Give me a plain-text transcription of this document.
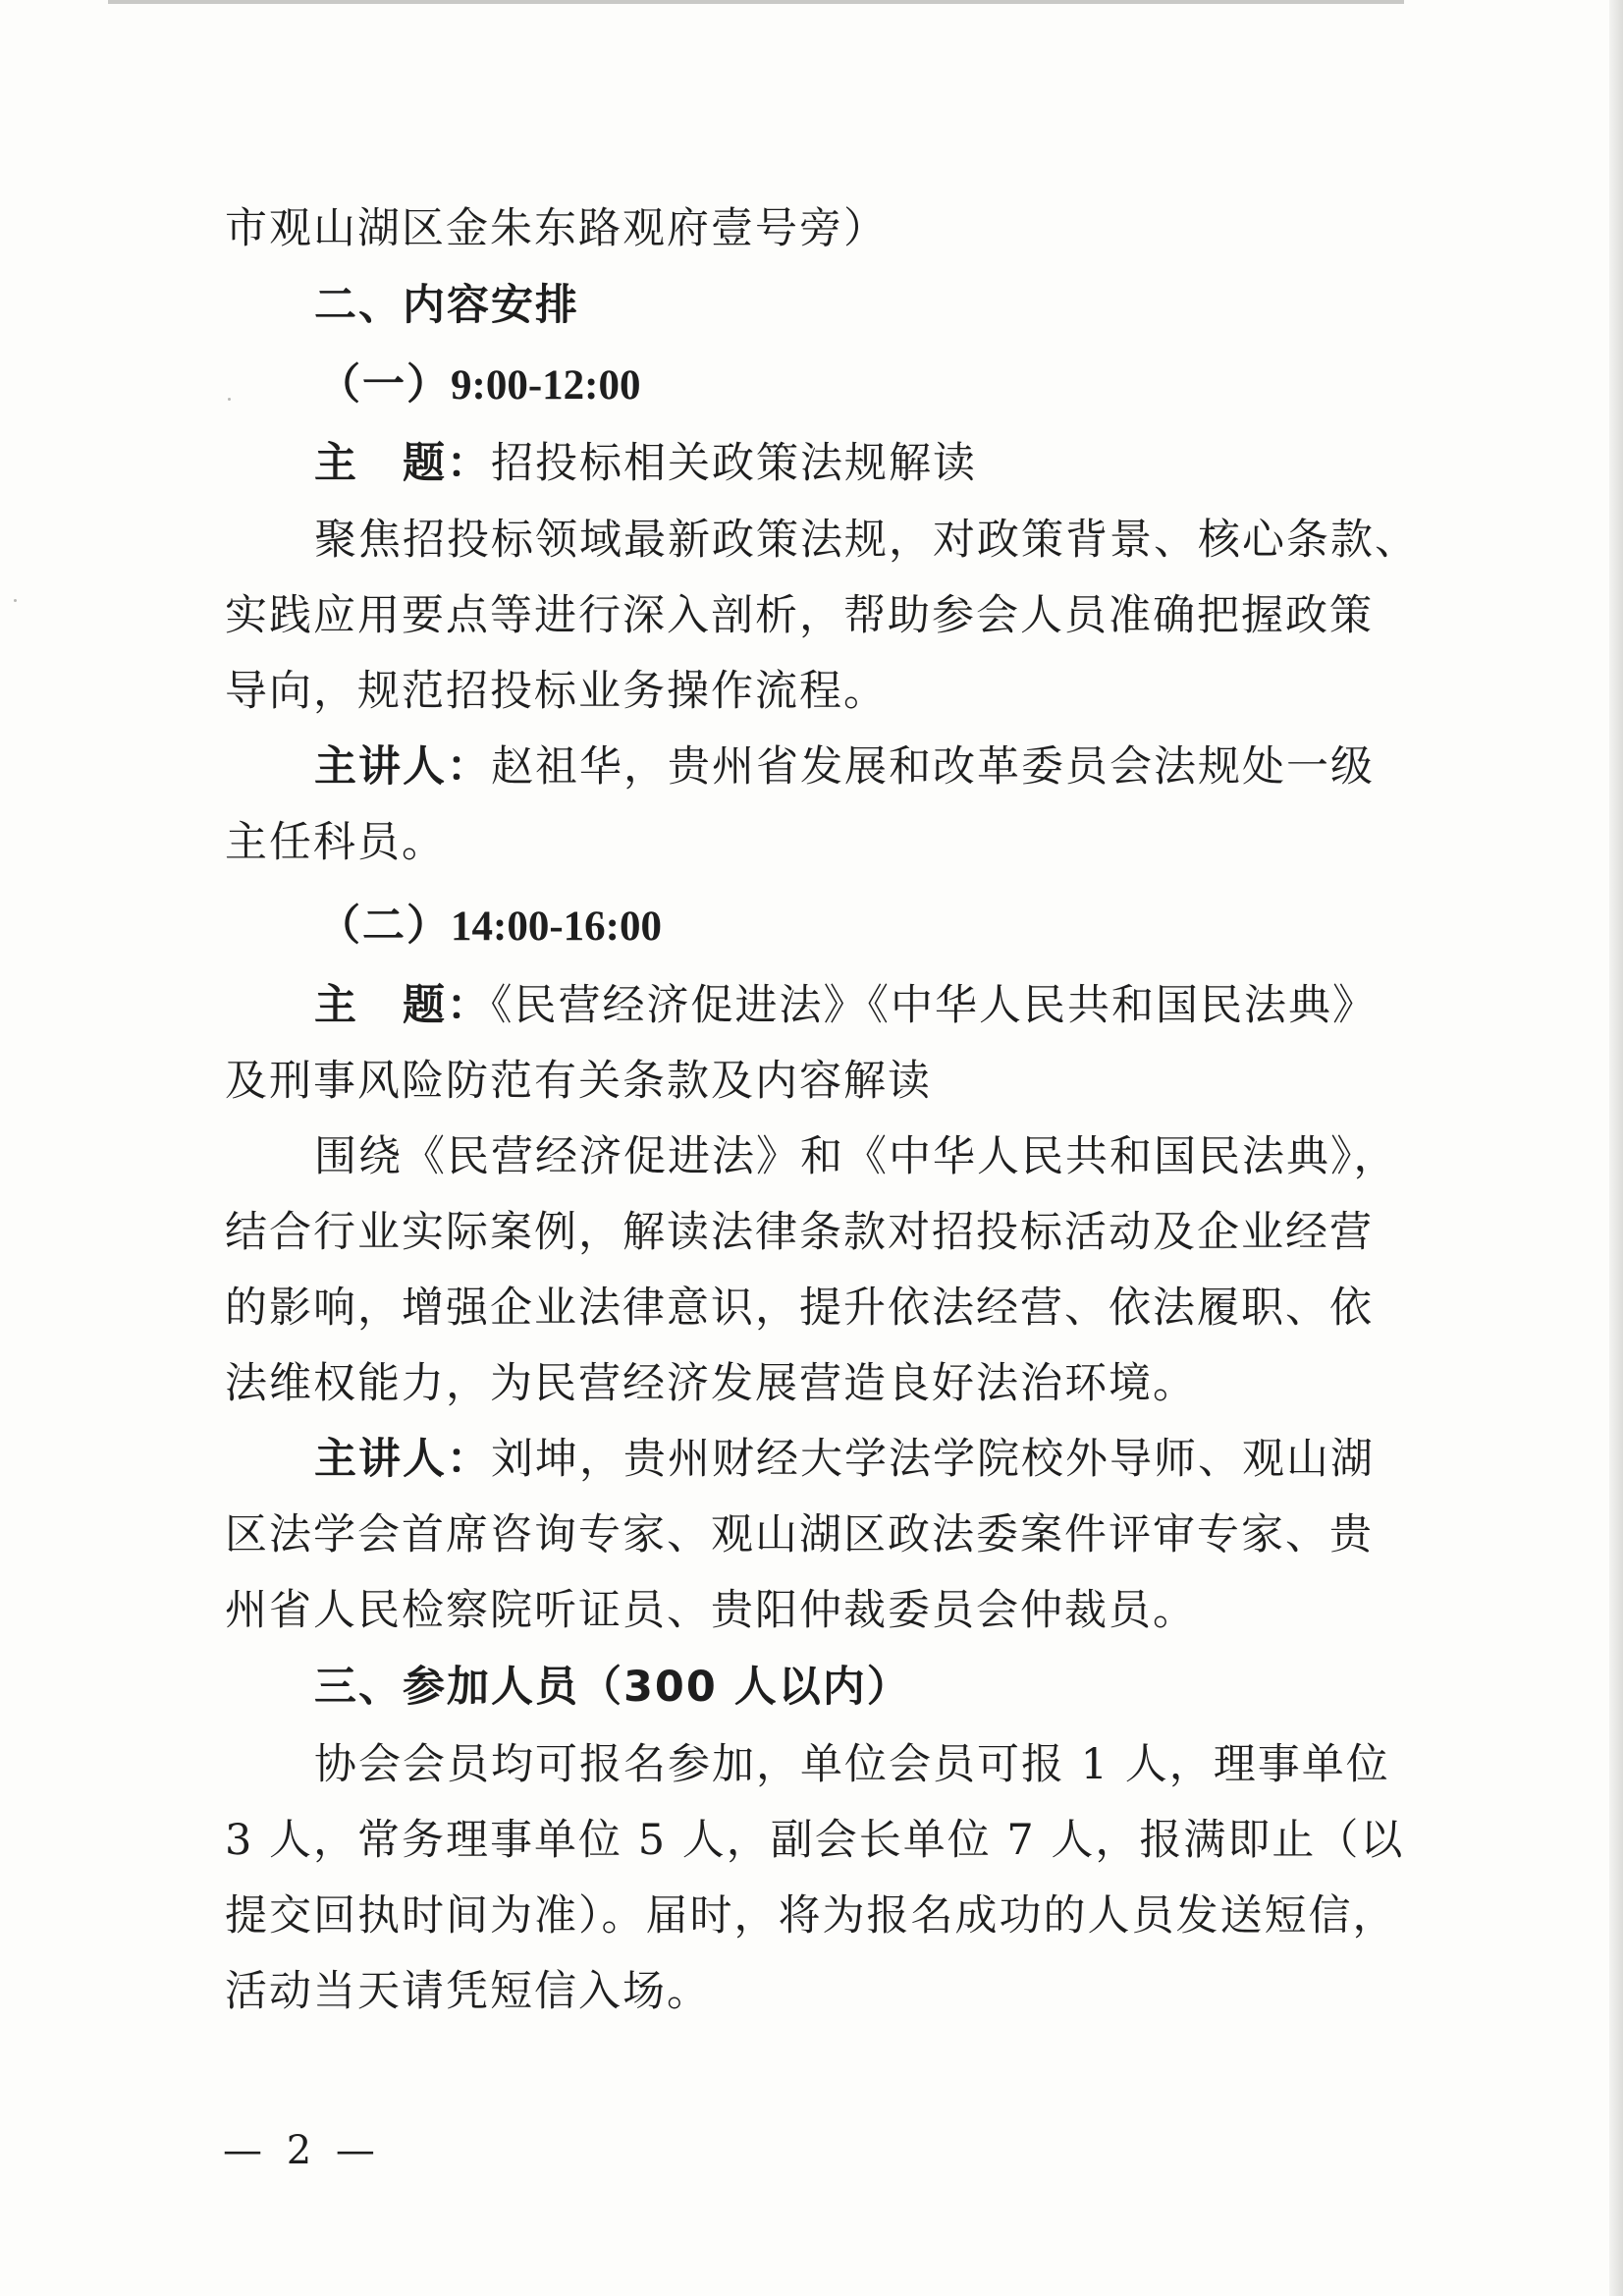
市观山湖区金朱东路观府壹号旁）

二、内容安排

（一）9:00-12:00

主　题：招投标相关政策法规解读

聚焦招投标领域最新政策法规，对政策背景、核心条款、

实践应用要点等进行深入剖析，帮助参会人员准确把握政策

导向，规范招投标业务操作流程。

主讲人：赵祖华，贵州省发展和改革委员会法规处一级

主任科员。

（二）14:00-16:00

主　题：《民营经济促进法》《中华人民共和国民法典》

及刑事风险防范有关条款及内容解读

围绕《民营经济促进法》和《中华人民共和国民法典》，

结合行业实际案例，解读法律条款对招投标活动及企业经营

的影响，增强企业法律意识，提升依法经营、依法履职、依

法维权能力，为民营经济发展营造良好法治环境。

主讲人：刘坤，贵州财经大学法学院校外导师、观山湖

区法学会首席咨询专家、观山湖区政法委案件评审专家、贵

州省人民检察院听证员、贵阳仲裁委员会仲裁员。

三、参加人员（300 人以内）

协会会员均可报名参加，单位会员可报 1 人，理事单位

3 人，常务理事单位 5 人，副会长单位 7 人，报满即止（以

提交回执时间为准）。届时，将为报名成功的人员发送短信，

活动当天请凭短信入场。

— 2 —
